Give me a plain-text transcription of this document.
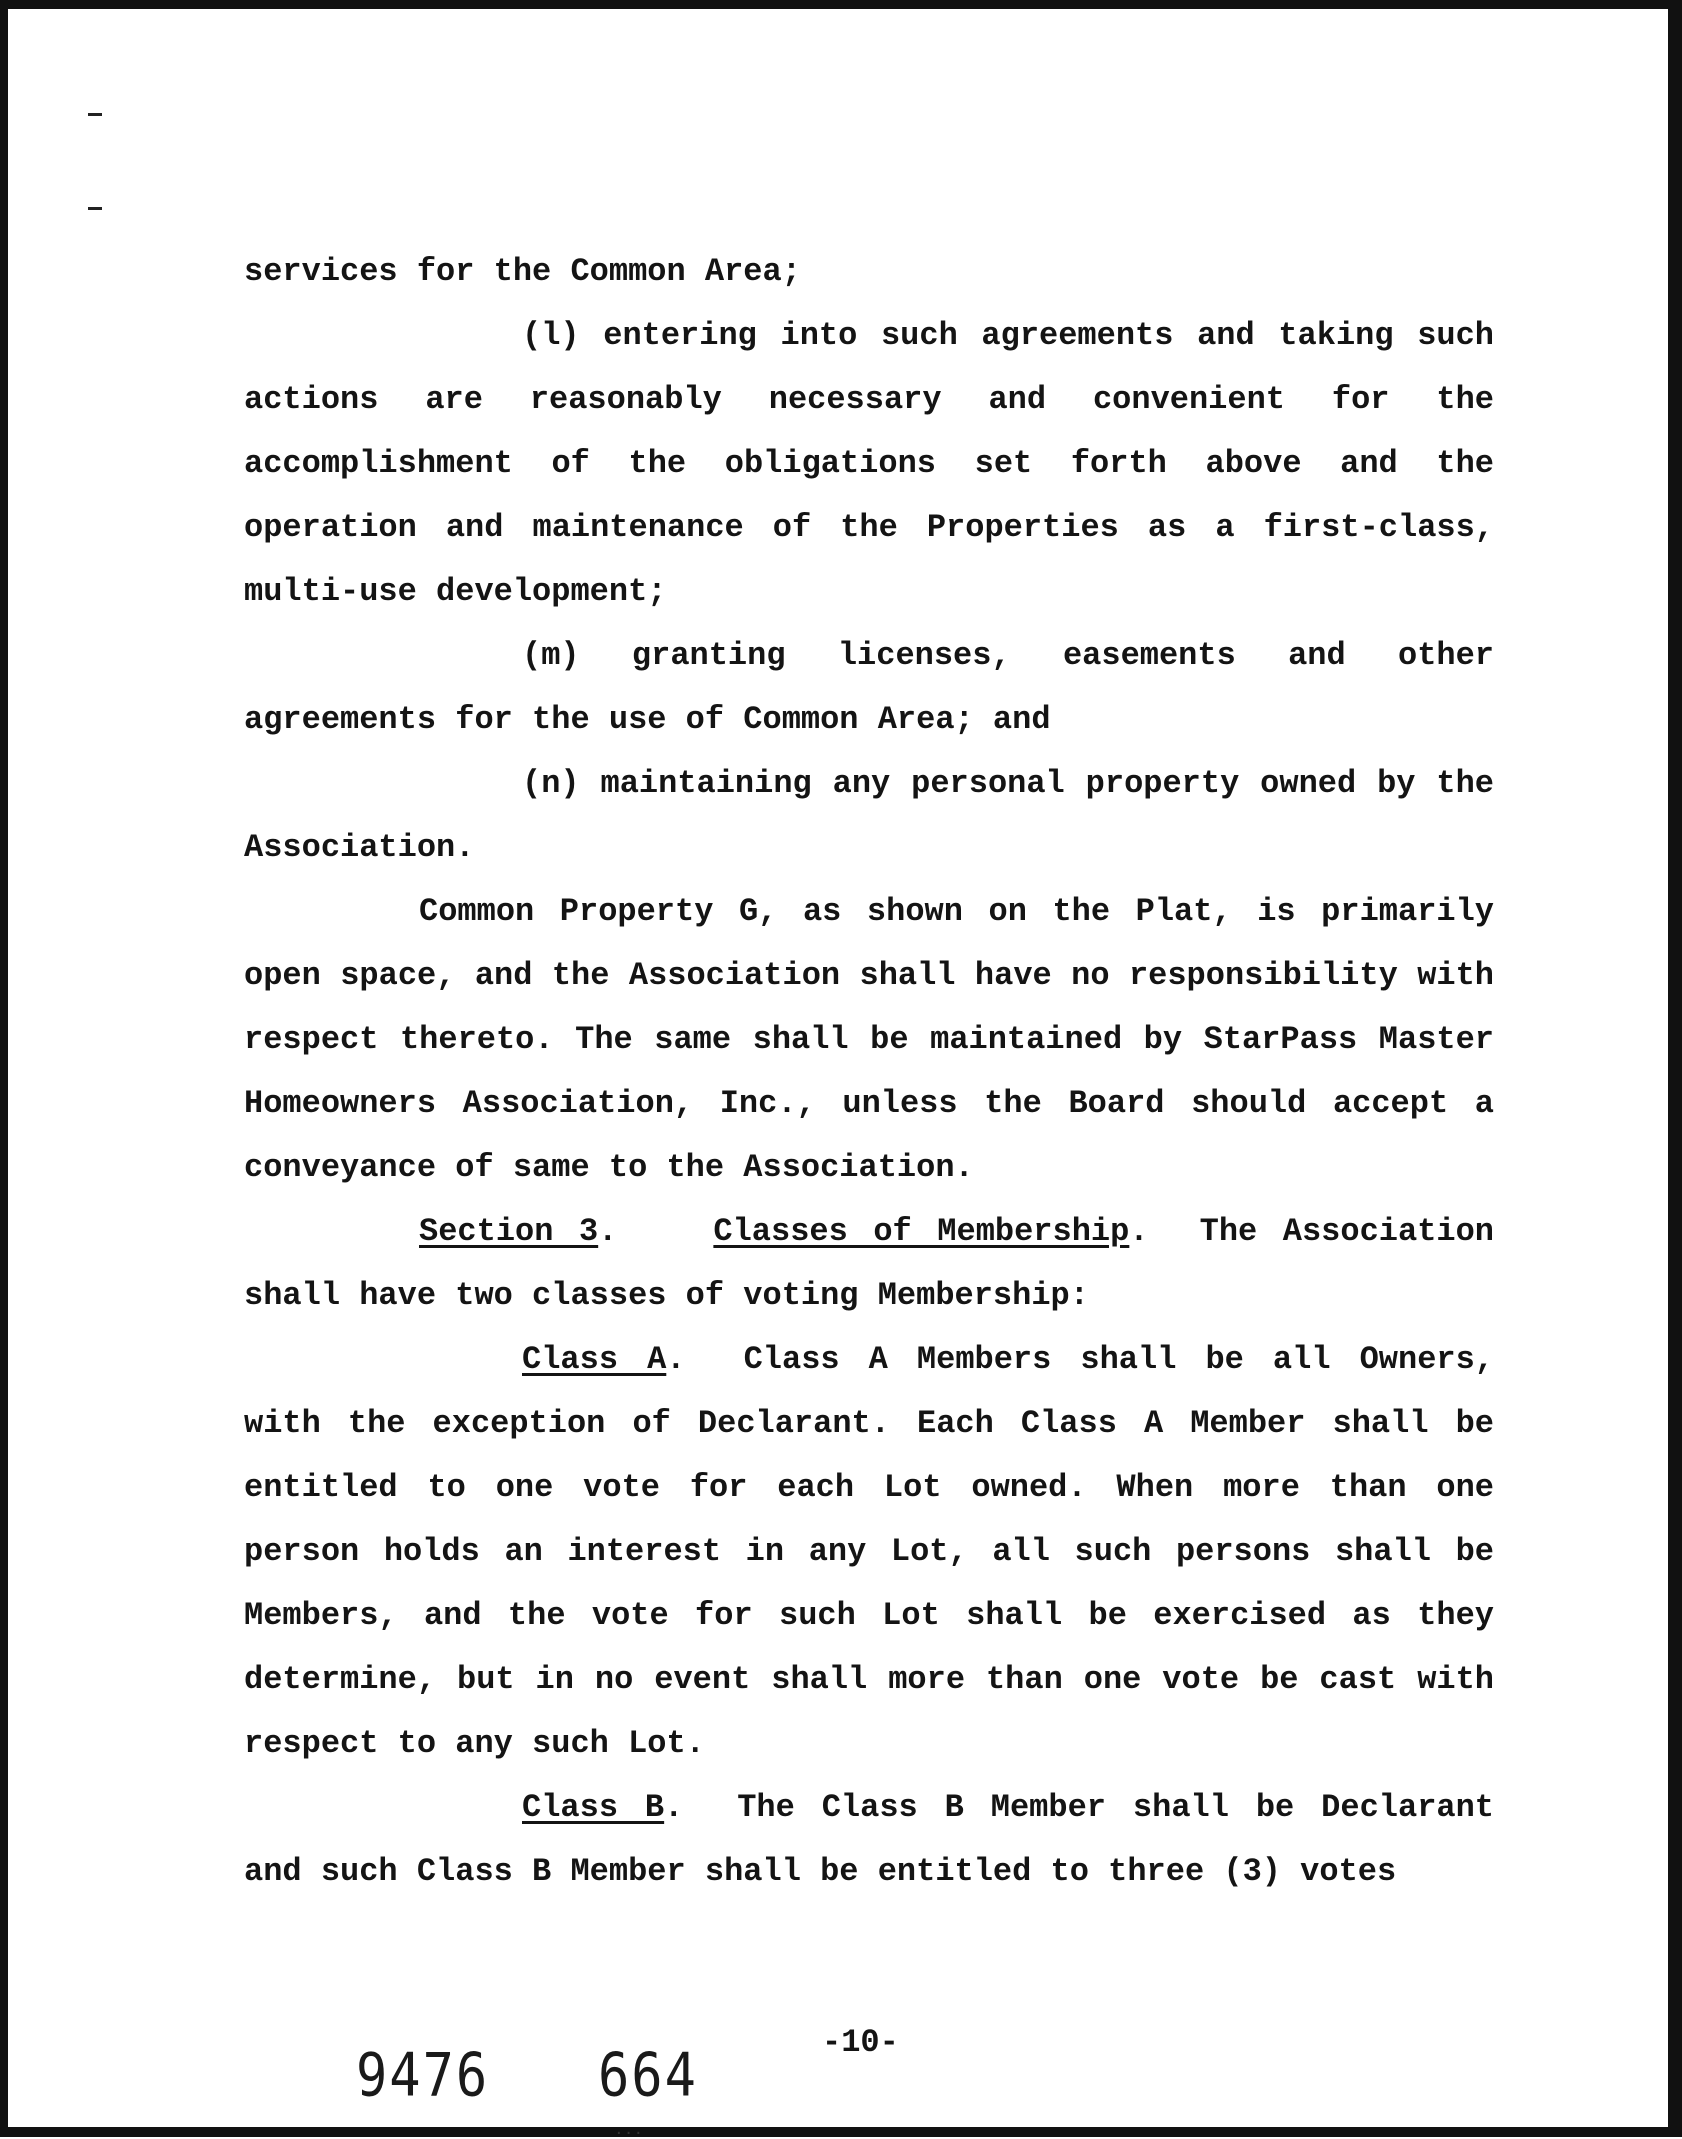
services for the Common Area;

(l) entering into such agreements and taking such actions are reasonably necessary and convenient for the accomplishment of the obligations set forth above and the operation and maintenance of the Properties as a first-class, multi-use development;

(m) granting licenses, easements and other agreements for the use of Common Area; and

(n) maintaining any personal property owned by the Association.

Common Property G, as shown on the Plat, is primarily open space, and the Association shall have no responsibility with respect thereto. The same shall be maintained by StarPass Master Homeowners Association, Inc., unless the Board should accept a conveyance of same to the Association.

Section 3.	Classes of Membership.  The Association shall have two classes of voting Membership:

Class A.  Class A Members shall be all Owners, with the exception of Declarant. Each Class A Member shall be entitled to one vote for each Lot owned. When more than one person holds an interest in any Lot, all such persons shall be Members, and the vote for such Lot shall be exercised as they determine, but in no event shall more than one vote be cast with respect to any such Lot.

Class B.  The Class B Member shall be Declarant and such Class B Member shall be entitled to three (3) votes

-10-
9476 664
...
